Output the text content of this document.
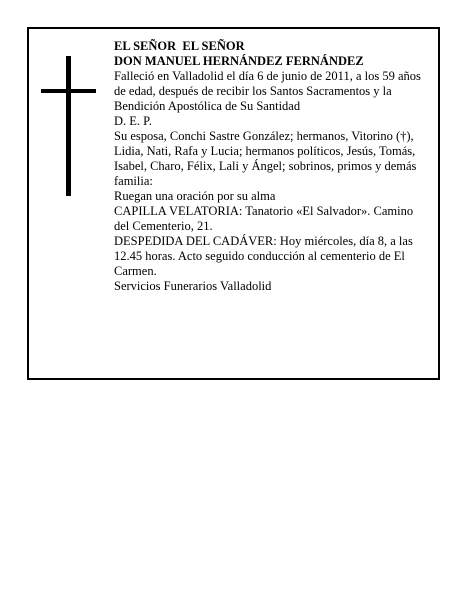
EL SEÑOR  EL SEÑOR

DON MANUEL HERNÁNDEZ FERNÁNDEZ

Falleció en Valladolid el día 6 de junio de 2011, a los 59 años de edad, después de recibir los Santos Sacramentos y la Bendición Apostólica de Su Santidad

D. E. P.

Su esposa, Conchi Sastre González; hermanos, Vitorino (†), Lidia, Nati, Rafa y Lucia; hermanos políticos, Jesús, Tomás, Isabel, Charo, Félix, Lali y Ángel; sobrinos, primos y demás familia:

Ruegan una oración por su alma

CAPILLA VELATORIA: Tanatorio «El Salvador». Camino del Cementerio, 21.

DESPEDIDA DEL CADÁVER: Hoy miércoles, día 8, a las 12.45 horas. Acto seguido conducción al cementerio de El Carmen.

Servicios Funerarios Valladolid
